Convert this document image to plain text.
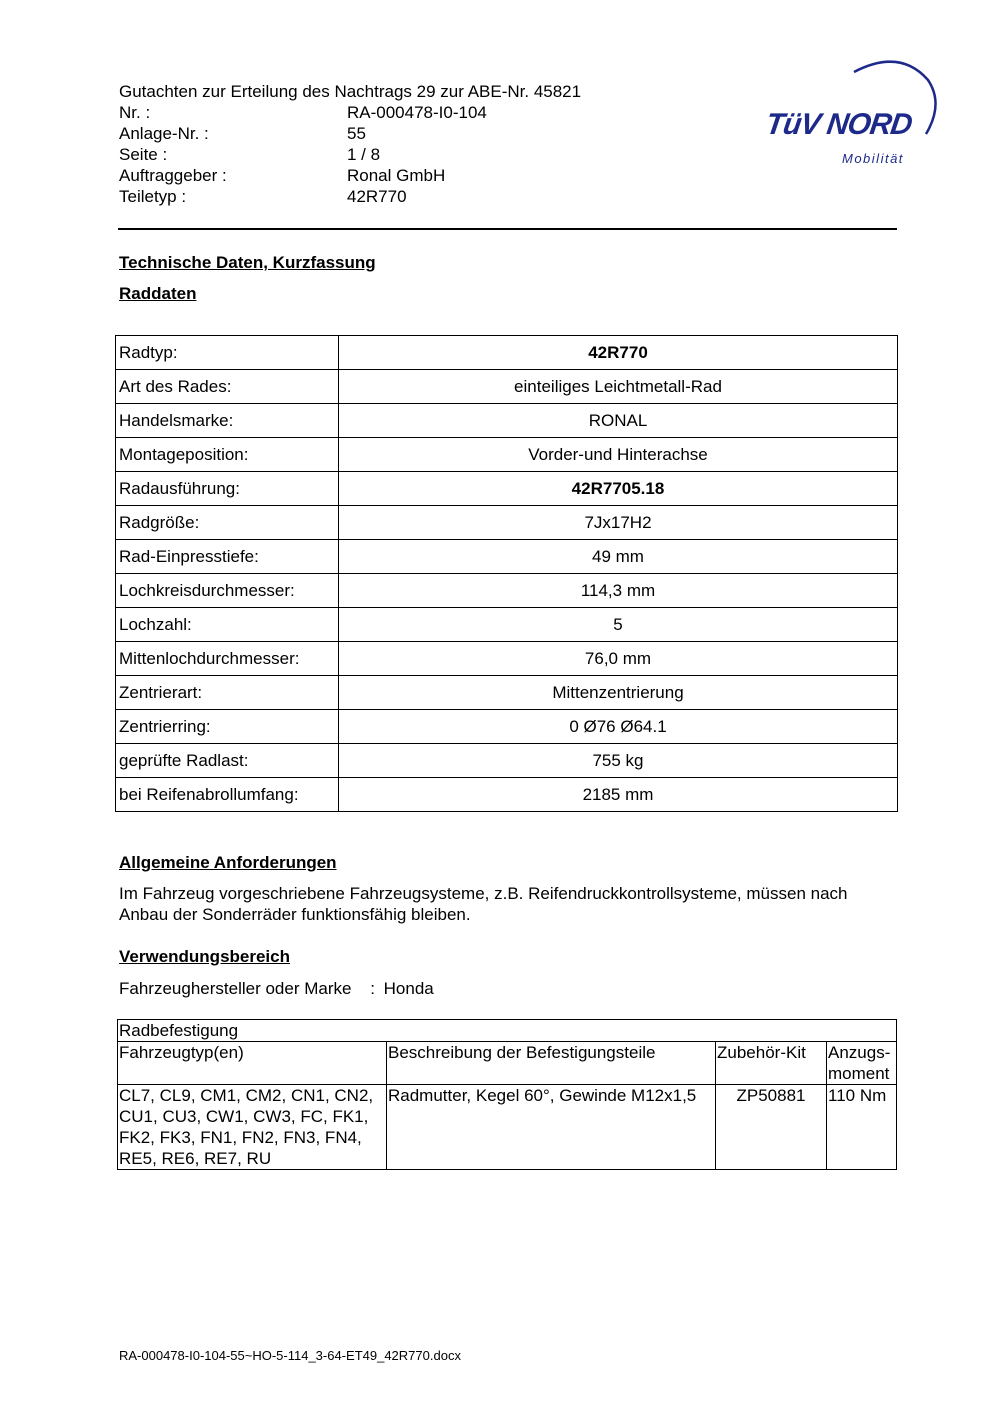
Gutachten zur Erteilung des Nachtrags 29 zur ABE-Nr. 45821
Nr. :	RA-000478-I0-104
Anlage-Nr. :	55
Seite :	1 / 8
Auftraggeber :	Ronal GmbH
Teiletyp :	42R770
TüV NORD
Mobilität
Technische Daten, Kurzfassung
Raddaten
Radtyp:	42R770
Art des Rades:	einteiliges Leichtmetall-Rad
Handelsmarke:	RONAL
Montageposition:	Vorder-und Hinterachse
Radausführung:	42R7705.18
Radgröße:	7Jx17H2
Rad-Einpresstiefe:	49 mm
Lochkreisdurchmesser:	114,3 mm
Lochzahl:	5
Mittenlochdurchmesser:	76,0 mm
Zentrierart:	Mittenzentrierung
Zentrierring:	0 Ø76 Ø64.1
geprüfte Radlast:	755 kg
bei Reifenabrollumfang:	2185 mm
Allgemeine Anforderungen
Im Fahrzeug vorgeschriebene Fahrzeugsysteme, z.B. Reifendruckkontrollsysteme, müssen nach Anbau der Sonderräder funktionsfähig bleiben.
Verwendungsbereich
Fahrzeughersteller oder Marke : Honda
Radbefestigung			
Fahrzeugtyp(en)	Beschreibung der Befestigungsteile	Zubehör-Kit	Anzugs-
moment

CL7, CL9, CM1, CM2, CN1, CN2, CU1, CU3, CW1, CW3, FC, FK1, FK2, FK3, FN1, FN2, FN3, FN4, RE5, RE6, RE7, RU	Radmutter, Kegel 60°, Gewinde M12x1,5	ZP50881	110 Nm
RA-000478-I0-104-55~HO-5-114_3-64-ET49_42R770.docx
